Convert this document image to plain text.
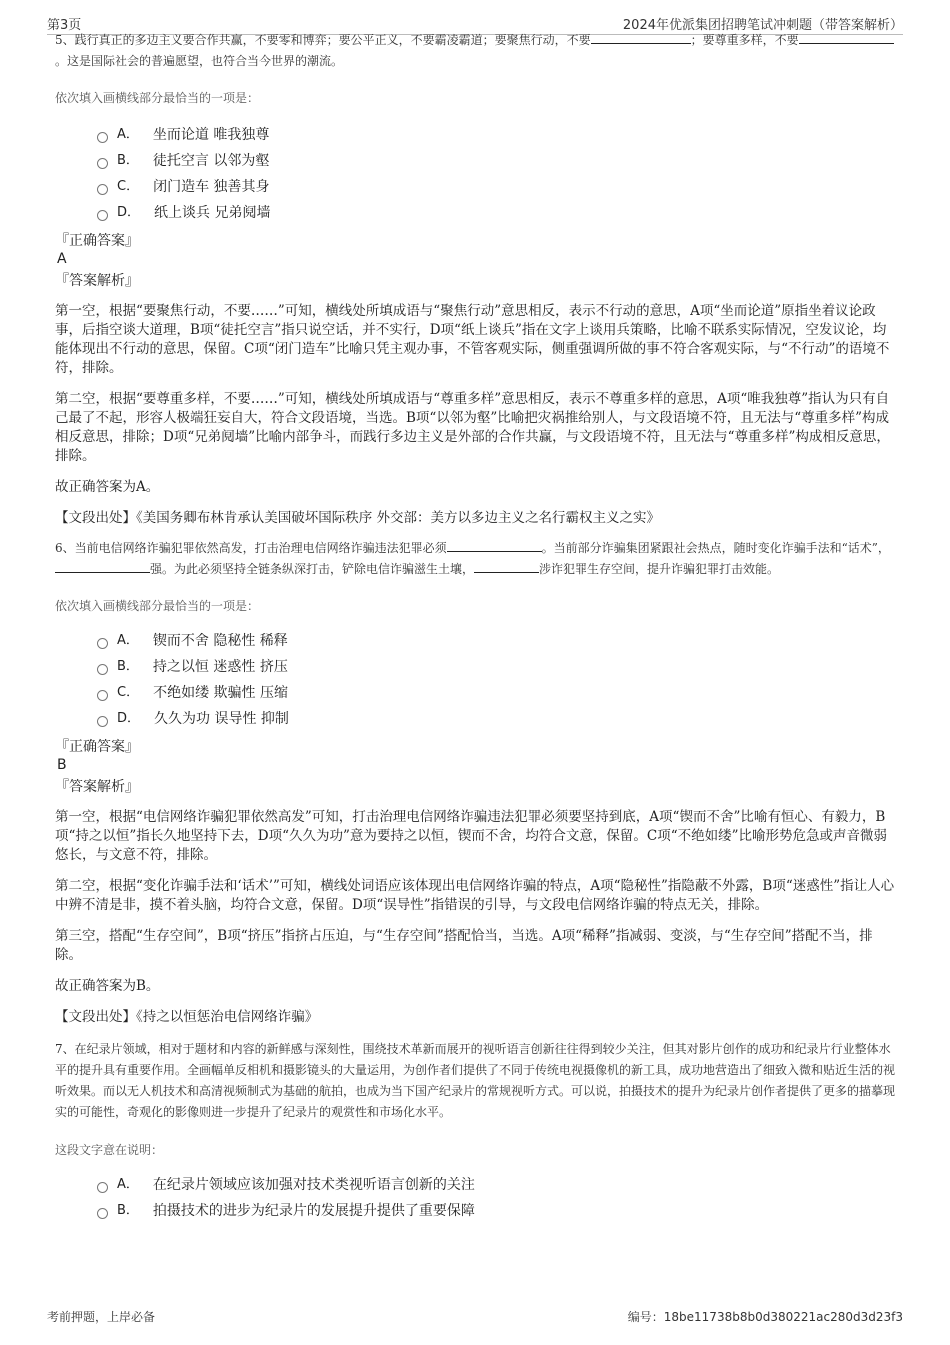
第3页	2024年优派集团招聘笔试冲刺题（带答案解析）

5、践行真正的多边主义要合作共赢，不要零和博弈；要公平正义，不要霸凌霸道；要聚焦行动，不要	；要尊重多样，不要。这是国际社会的普遍愿望，也符合当今世界的潮流。

依次填入画横线部分最恰当的一项是：

A． 坐而论道 唯我独尊
B． 徒托空言 以邻为壑
C． 闭门造车 独善其身
D． 纸上谈兵 兄弟阋墙

『正确答案』

A

『答案解析』

第一空，根据“要聚焦行动，不要……”可知，横线处所填成语与“聚焦行动”意思相反，表示不行动的意思，A项“坐而论道”原指坐着议论政事，后指空谈大道理，B项“徒托空言”指只说空话，并不实行，D项“纸上谈兵”指在文字上谈用兵策略，比喻不联系实际情况，空发议论，均能体现出不行动的意思，保留。C项“闭门造车”比喻只凭主观办事，不管客观实际，侧重强调所做的事不符合客观实际，与“不行动”的语境不符，排除。

第二空，根据“要尊重多样，不要……”可知，横线处所填成语与“尊重多样”意思相反，表示不尊重多样的意思，A项“唯我独尊”指认为只有自己最了不起，形容人极端狂妄自大，符合文段语境，当选。B项“以邻为壑”比喻把灾祸推给别人，与文段语境不符，且无法与“尊重多样”构成相反意思，排除；D项“兄弟阋墙”比喻内部争斗，而践行多边主义是外部的合作共赢，与文段语境不符，且无法与“尊重多样”构成相反意思，排除。

故正确答案为A。

【文段出处】《美国务卿布林肯承认美国破坏国际秩序 外交部：美方以多边主义之名行霸权主义之实》

6、当前电信网络诈骗犯罪依然高发，打击治理电信网络诈骗违法犯罪必须	。当前部分诈骗集团紧跟社会热点，随时变化诈骗手法和“话术”，强。为此必须坚持全链条纵深打击，铲除电信诈骗滋生土壤，	涉诈犯罪生存空间，提升诈骗犯罪打击效能。

依次填入画横线部分最恰当的一项是：

A． 锲而不舍 隐秘性 稀释
B． 持之以恒 迷惑性 挤压
C． 不绝如缕 欺骗性 压缩
D． 久久为功 误导性 抑制

『正确答案』

B

『答案解析』

第一空，根据“电信网络诈骗犯罪依然高发”可知，打击治理电信网络诈骗违法犯罪必须要坚持到底，A项“锲而不舍”比喻有恒心、有毅力，B项“持之以恒”指长久地坚持下去，D项“久久为功”意为要持之以恒，锲而不舍，均符合文意，保留。C项“不绝如缕”比喻形势危急或声音微弱悠长，与文意不符，排除。

第二空，根据“变化诈骗手法和‘话术’”可知，横线处词语应该体现出电信网络诈骗的特点，A项“隐秘性”指隐蔽不外露，B项“迷惑性”指让人心中辨不清是非，摸不着头脑，均符合文意，保留。D项“误导性”指错误的引导，与文段电信网络诈骗的特点无关，排除。

第三空，搭配“生存空间”，B项“挤压”指挤占压迫，与“生存空间”搭配恰当，当选。A项“稀释”指减弱、变淡，与“生存空间”搭配不当，排除。

故正确答案为B。

【文段出处】《持之以恒惩治电信网络诈骗》

7、在纪录片领域，相对于题材和内容的新鲜感与深刻性，围绕技术革新而展开的视听语言创新往往得到较少关注，但其对影片创作的成功和纪录片行业整体水平的提升具有重要作用。全画幅单反相机和摄影镜头的大量运用，为创作者们提供了不同于传统电视摄像机的新工具，成功地营造出了细致入微和贴近生活的视听效果。而以无人机技术和高清视频制式为基础的航拍，也成为当下国产纪录片的常规视听方式。可以说，拍摄技术的提升为纪录片创作者提供了更多的描摹现实的可能性，奇观化的影像则进一步提升了纪录片的观赏性和市场化水平。

这段文字意在说明：

A． 在纪录片领域应该加强对技术类视听语言创新的关注
B． 拍摄技术的进步为纪录片的发展提升提供了重要保障
考前押题，上岸必备	编号：18be11738b8b0d380221ac280d3d23f3
